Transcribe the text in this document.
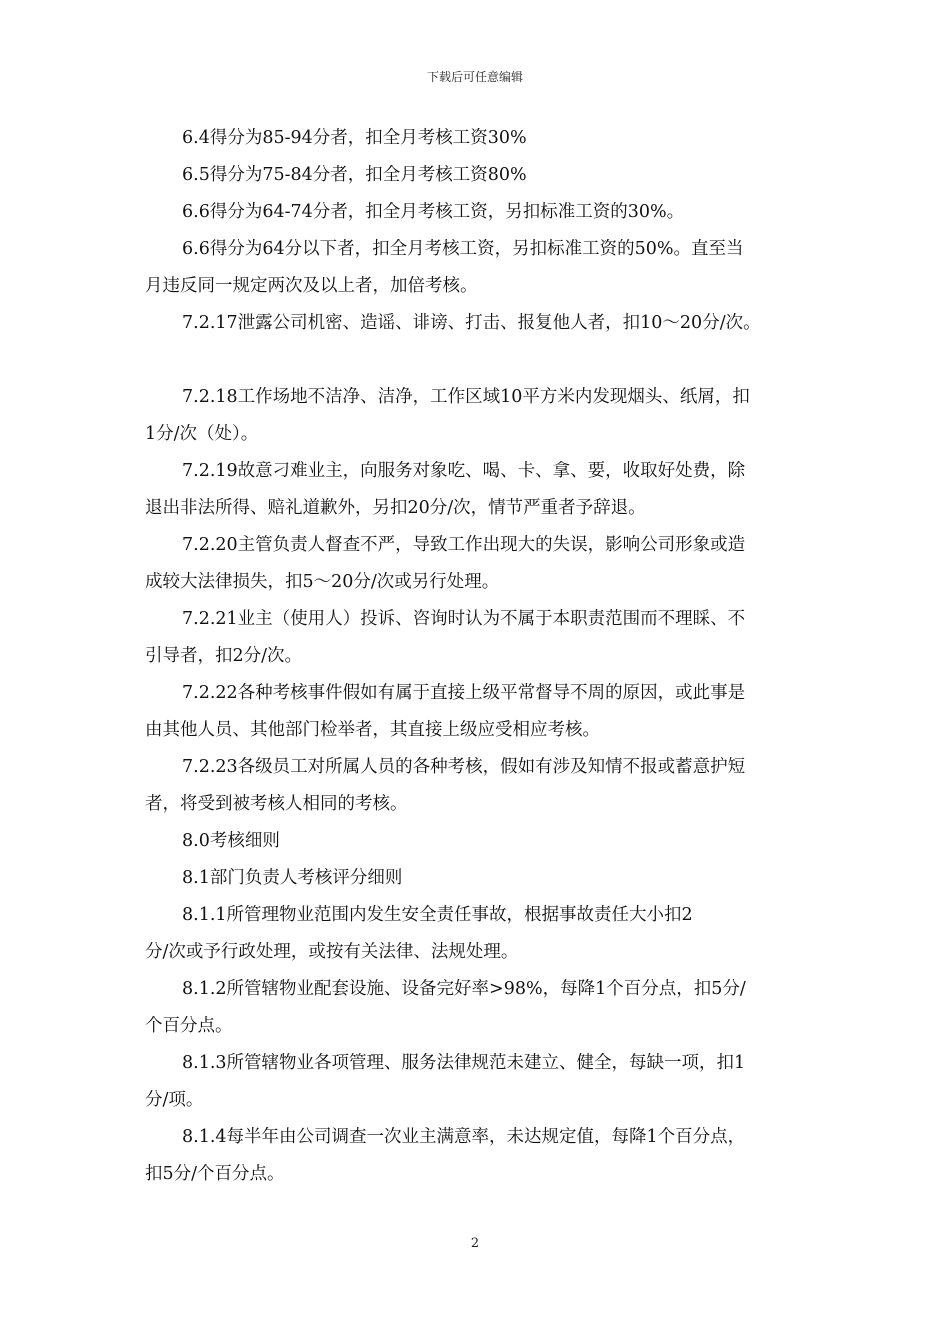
下载后可任意编辑

6.4得分为85-94分者，扣全月考核工资30%

6.5得分为75-84分者，扣全月考核工资80%

6.6得分为64-74分者，扣全月考核工资，另扣标准工资的30%。

6.6得分为64分以下者，扣全月考核工资，另扣标准工资的50%。直至当
月违反同一规定两次及以上者，加倍考核。

7.2.17泄露公司机密、造谣、诽谤、打击、报复他人者，扣10～20分/次。

7.2.18工作场地不洁净、洁净，工作区域10平方米内发现烟头、纸屑，扣
1分/次（处）。

7.2.19故意刁难业主，向服务对象吃、喝、卡、拿、要，收取好处费，除
退出非法所得、赔礼道歉外，另扣20分/次，情节严重者予辞退。

7.2.20主管负责人督查不严，导致工作出现大的失误，影响公司形象或造
成较大法律损失，扣5～20分/次或另行处理。

7.2.21业主（使用人）投诉、咨询时认为不属于本职责范围而不理睬、不
引导者，扣2分/次。

7.2.22各种考核事件假如有属于直接上级平常督导不周的原因，或此事是
由其他人员、其他部门检举者，其直接上级应受相应考核。

7.2.23各级员工对所属人员的各种考核，假如有涉及知情不报或蓄意护短
者，将受到被考核人相同的考核。

8.0考核细则

8.1部门负责人考核评分细则

8.1.1所管理物业范围内发生安全责任事故，根据事故责任大小扣2
分/次或予行政处理，或按有关法律、法规处理。

8.1.2所管辖物业配套设施、设备完好率>98%，每降1个百分点，扣5分/
个百分点。

8.1.3所管辖物业各项管理、服务法律规范未建立、健全，每缺一项，扣1
分/项。

8.1.4每半年由公司调查一次业主满意率，未达规定值，每降1个百分点，
扣5分/个百分点。

2
